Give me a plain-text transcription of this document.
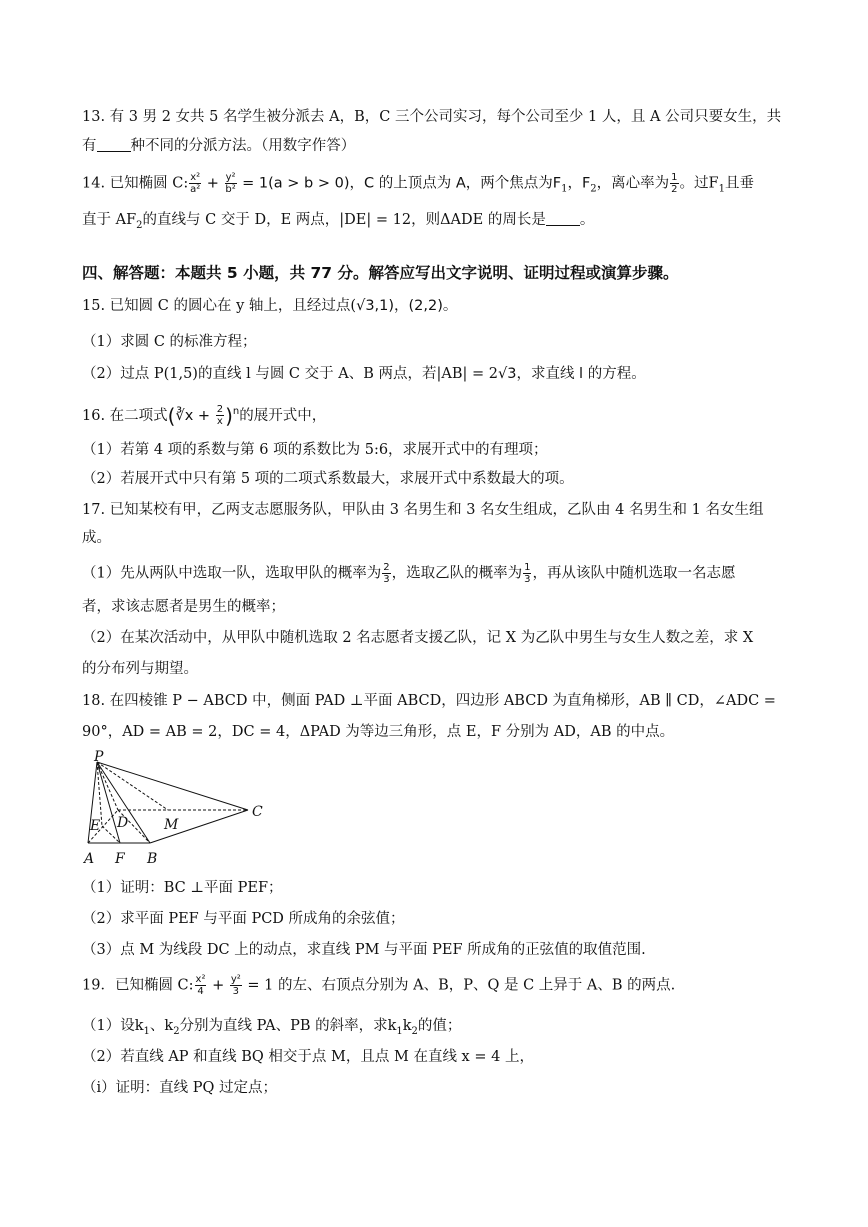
13. 有 3 男 2 女共 5 名学生被分派去 A，B，C 三个公司实习，每个公司至少 1 人，且 A 公司只要女生，共
有 种不同的分派方法。（用数字作答）
14. 已知椭圆 C: $\frac{\text{x²}}{\text{a²}} + \frac{\text{y²}}{\text{b²}} = 1(a > b > 0)$，C 的上顶点为 A，两个焦点为$F_1$，$F_2$，离心率为 $\frac{1}{2}$ 。过$F_1$且垂
直于 $AF_2$的直线与 C 交于 D，E 两点，|DE| = 12，则ΔADE 的周长是 。
四、解答题：本题共 5 小题，共 77 分。解答应写出文字说明、证明过程或演算步骤。
15. 已知圆 C 的圆心在 y 轴上，且经过点(√3,1)，(2,2)。
（1）求圆 C 的标准方程；
（2）过点 P(1,5)的直线 l 与圆 C 交于 A、B 两点，若|AB| = 2√3，求直线 l 的方程。
16. 在二项式(∛x + $\frac{2}{x} )^n$的展开式中，
（1）若第 4 项的系数与第 6 项的系数比为 5:6，求展开式中的有理项；
（2）若展开式中只有第 5 项的二项式系数最大，求展开式中系数最大的项。
17. 已知某校有甲，乙两支志愿服务队，甲队由 3 名男生和 3 名女生组成，乙队由 4 名男生和 1 名女生组
成。
（1）先从两队中选取一队，选取甲队的概率为 $\frac{2}{3}$ ，选取乙队的概率为 $\frac{1}{3}$ ，再从该队中随机选取一名志愿
者，求该志愿者是男生的概率；
（2）在某次活动中，从甲队中随机选取 2 名志愿者支援乙队，记 X 为乙队中男生与女生人数之差，求 X
的分布列与期望。
18. 在四棱锥 P − ABCD 中，侧面 PAD ⊥平面 ABCD，四边形 ABCD 为直角梯形，AB ∥ CD，∠ADC =
90°，AD = AB = 2，DC = 4，ΔPAD 为等边三角形，点 E，F 分别为 AD，AB 的中点。
P
E D	M
C
A F B
（1）证明：BC ⊥平面 PEF；
（2）求平面 PEF 与平面 PCD 所成角的余弦值；
（3）点 M 为线段 DC 上的动点，求直线 PM 与平面 PEF 所成角的正弦值的取值范围.
19．已知椭圆 C: $\frac{\text{x²}}{4} + \frac{\text{y²}}{3} = 1$ 的左、右顶点分别为 A、B，P、Q 是 C 上异于 A、B 的两点.
（1）设$k_1$、$k_2$分别为直线 PA、PB 的斜率，求$k_1k_2$的值；
（2）若直线 AP 和直线 BQ 相交于点 M，且点 M 在直线 x = 4 上，
（i）证明：直线 PQ 过定点；
